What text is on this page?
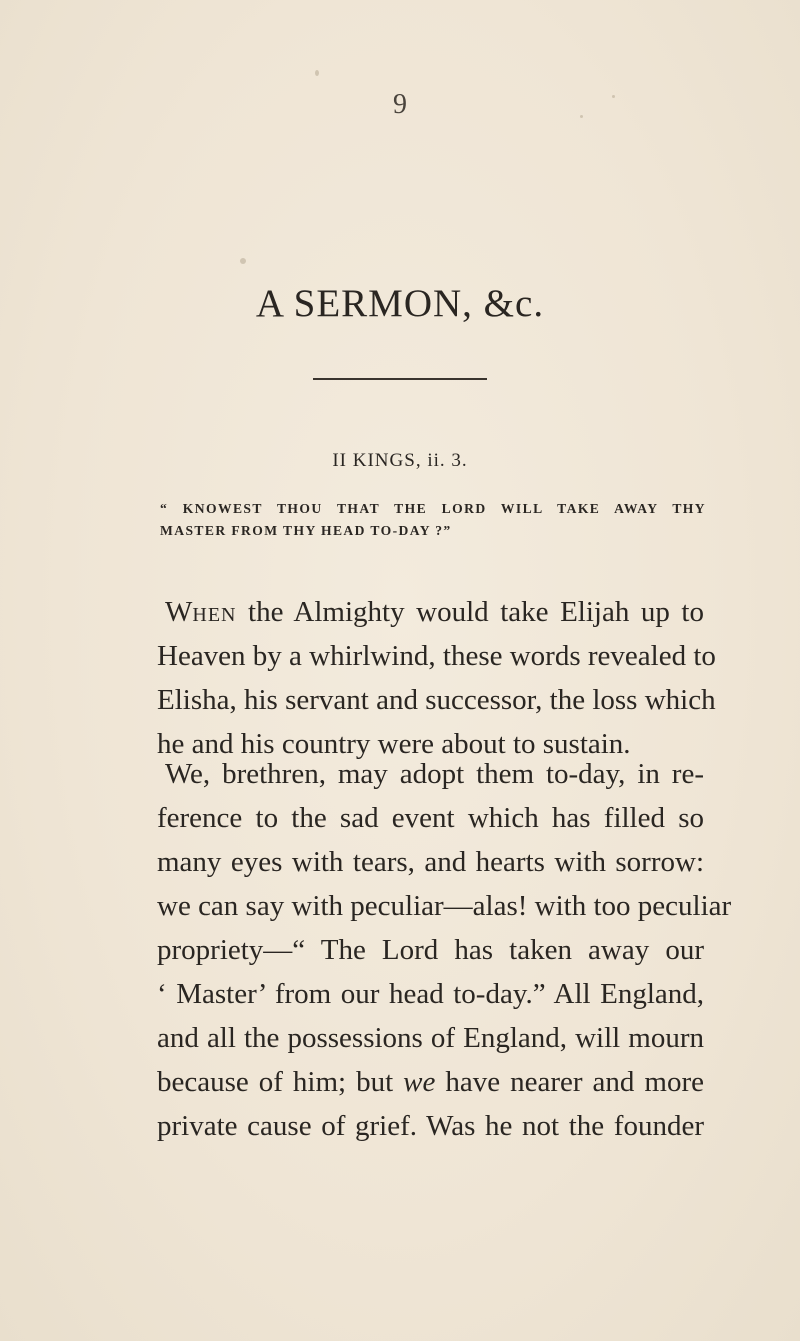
9
A SERMON, &c.
II KINGS, ii. 3.
“ KNOWEST THOU THAT THE LORD WILL TAKE AWAY THY
MASTER FROM THY HEAD TO-DAY ?”
When the Almighty would take Elijah up to
Heaven by a whirlwind, these words revealed to
Elisha, his servant and successor, the loss which
he and his country were about to sustain.
We, brethren, may adopt them to-day, in re-
ference to the sad event which has filled so
many eyes with tears, and hearts with sorrow:
we can say with peculiar—alas! with too peculiar
propriety—“ The Lord has taken away our
‘ Master’ from our head to-day.” All England,
and all the possessions of England, will mourn
because of him; but we have nearer and more
private cause of grief. Was he not the founder
